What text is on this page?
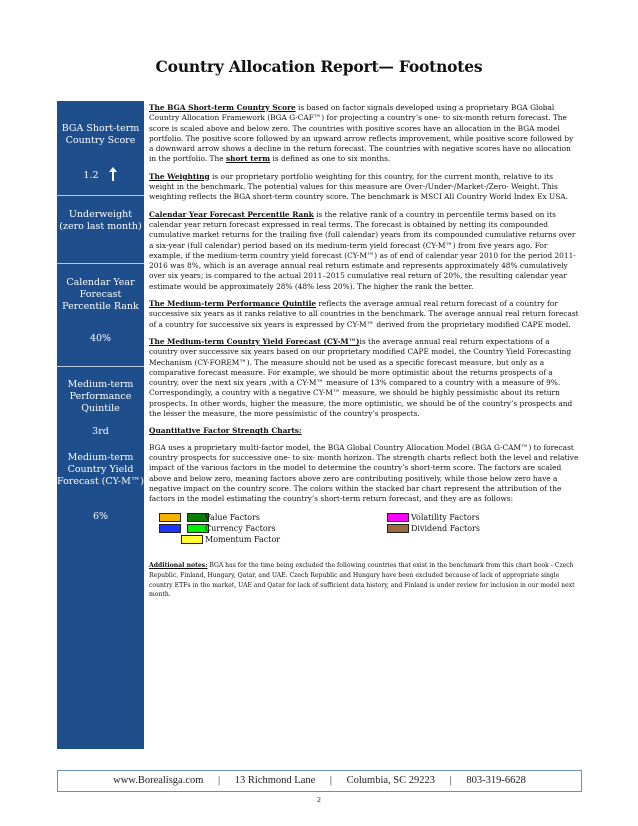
Country Allocation Report— Footnotes
BGA Short-term Country Score
1.2
Underweight (zero last month)
Calendar Year Forecast Percentile Rank
40%
Medium-term Performance Quintile
3rd
Medium-term Country Yield Forecast (CY-M™)
6%

The BGA Short-term Country Score is based on factor signals developed using a proprietary BGA Global Country Allocation Framework (BGA G-CAF™) for projecting a country’s one- to six-month return forecast. The score is scaled above and below zero. The countries with positive scores have an allocation in the BGA model portfolio. The positive score followed by an upward arrow reflects improvement, while positive score followed by a downward arrow shows a decline in the return forecast. The countries with negative scores have no allocation in the portfolio. The short term is defined as one to six months.

The Weighting is our proprietary portfolio weighting for this country, for the current month, relative to its weight in the benchmark. The potential values for this measure are Over-/Under-/Market-/Zero- Weight. This weighting reflects the BGA short-term country score. The benchmark is MSCI All Country World Index Ex USA.

Calendar Year Forecast Percentile Rank is the relative rank of a country in percentile terms based on its calendar year return forecast expressed in real terms. The forecast is obtained by netting its compounded cumulative market returns for the trailing five (full calendar) years from its compounded cumulative returns over a six-year (full calendar) period based on its medium-term yield forecast (CY-M™) from five years ago. For example, if the medium-term country yield forecast (CY-M™) as of end of calendar year 2010 for the period 2011-2016 was 8%, which is an average annual real return estimate and represents approximately 48% cumulatively over six years; is compared to the actual 2011–2015 cumulative real return of 20%, the resulting calendar year estimate would be approximately 28% (48% less 20%). The higher the rank the better.

The Medium-term Performance Quintile reflects the average annual real return forecast of a country for successive six years as it ranks relative to all countries in the benchmark. The average annual real return forecast of a country for successive six years is expressed by CY-M™ derived from the proprietary modified CAPE model.

The Medium-term Country Yield Forecast (CY-M™)is the average annual real return expectations of a country over successive six years based on our proprietary modified CAPE model, the Country Yield Forecasting Mechanism (CY-FOREM™). The measure should not be used as a specific forecast measure, but only as a comparative forecast measure. For example, we should be more optimistic about the returns prospects of a country, over the next six years ,with a CY-M™ measure of 13% compared to a country with a measure of 9%. Correspondingly, a country with a negative CY-M™ measure, we should be highly pessimistic about its return prospects. In other words, higher the measure, the more optimistic, we should be of the country’s prospects and the lesser the measure, the more pessimistic of the country’s prospects.

Quantitative Factor Strength Charts:

BGA uses a proprietary multi-factor model, the BGA Global Country Allocation Model (BGA G-CAM™) to forecast country prospects for successive one- to six- month horizon. The strength charts reflect both the level and relative impact of the various factors in the model to determine the country’s short-term score. The factors are scaled above and below zero, meaning factors above zero are contributing positively, while those below zero have a negative impact on the country score. The colors within the stacked bar chart represent the attribution of the factors in the model estimating the country’s short-term return forecast, and they are as follows:

Value Factors

Currency Factors
Momentum Factor
Volatility Factors
Dividend Factors

Additional notes: BGA has for the time being excluded the following countries that exist in the benchmark from this chart book - Czech Republic, Finland, Hungary, Qatar, and UAE. Czech Republic and Hungary have been excluded because of lack of appropriate single country ETFs in the market, UAE and Qatar for lack of sufficient data history, and Finland is under review for inclusion in our model next month.

www.Borealisga.com | 13 Richmond Lane | Columbia, SC 29223 | 803-319-6628
2
